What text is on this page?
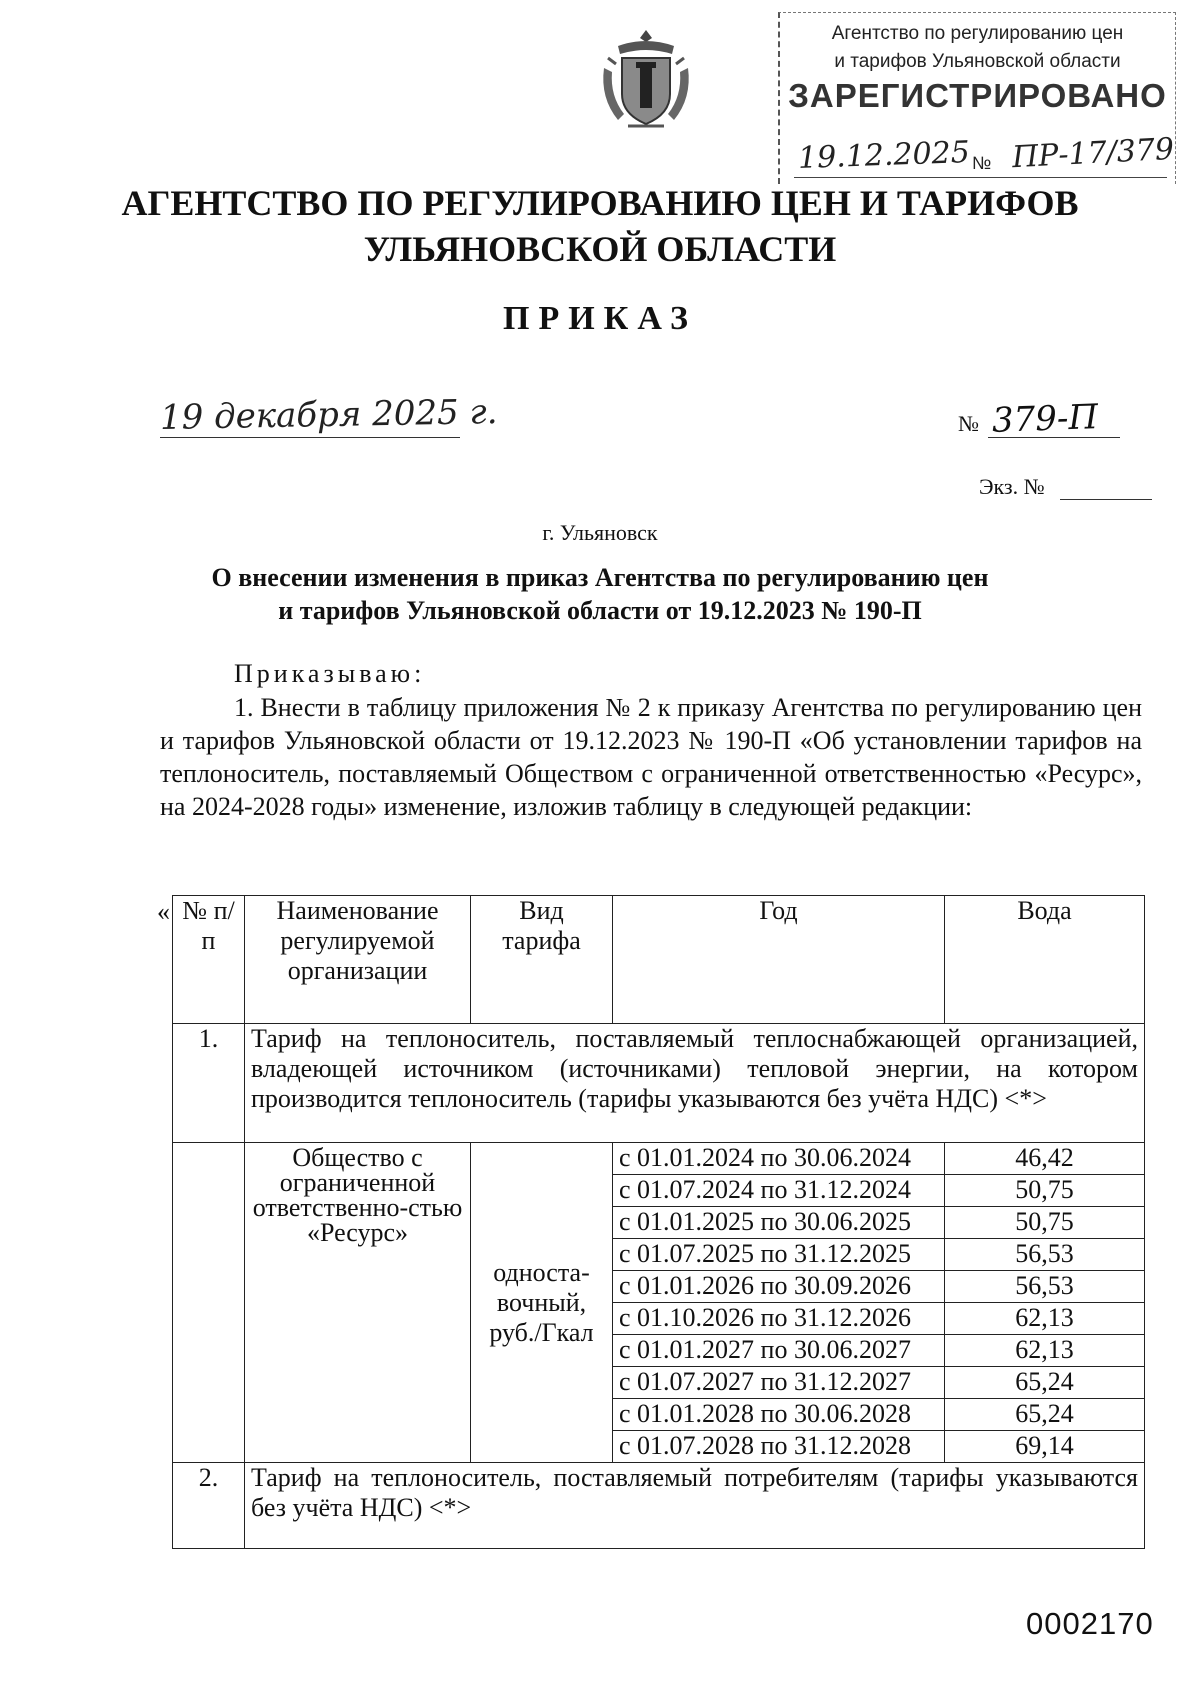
Агентство по регулированию цен
и тарифов Ульяновской области
ЗАРЕГИСТРИРОВАНО
19.12.2025 № ПР-17/379
АГЕНТСТВО ПО РЕГУЛИРОВАНИЮ ЦЕН И ТАРИФОВ
УЛЬЯНОВСКОЙ ОБЛАСТИ
ПРИКАЗ
19 декабря 2025 г.	№ 379-П
Экз. №
г. Ульяновск
О внесении изменения в приказ Агентства по регулированию цен
и тарифов Ульяновской области от 19.12.2023 № 190-П
Приказываю:

1. Внести в таблицу приложения № 2 к приказу Агентства по регулированию цен и тарифов Ульяновской области от 19.12.2023 № 190-П «Об установлении тарифов на теплоноситель, поставляемый Обществом с ограниченной ответственностью «Ресурс», на 2024-2028 годы» изменение, изложив таблицу в следующей редакции:

« № п/п	Наименование регулируемой организации	Вид тарифа	Год	Вода
1.	Тариф на теплоноситель, поставляемый теплоснабжающей организацией, владеющей источником (источниками) тепловой энергии, на котором производится теплоноситель (тарифы указываются без учёта НДС) <*>			
	Общество с ограниченной ответственно-стью «Ресурс»	односта-вочный, руб./Гкал	с 01.01.2024 по 30.06.2024	46,42
			с 01.07.2024 по 31.12.2024	50,75
			с 01.01.2025 по 30.06.2025	50,75
			с 01.07.2025 по 31.12.2025	56,53
			с 01.01.2026 по 30.09.2026	56,53
			с 01.10.2026 по 31.12.2026	62,13
			с 01.01.2027 по 30.06.2027	62,13
			с 01.07.2027 по 31.12.2027	65,24
			с 01.01.2028 по 30.06.2028	65,24
			с 01.07.2028 по 31.12.2028	69,14
2.	Тариф на теплоноситель, поставляемый потребителям (тарифы указываются без учёта НДС) <*>			
0002170
